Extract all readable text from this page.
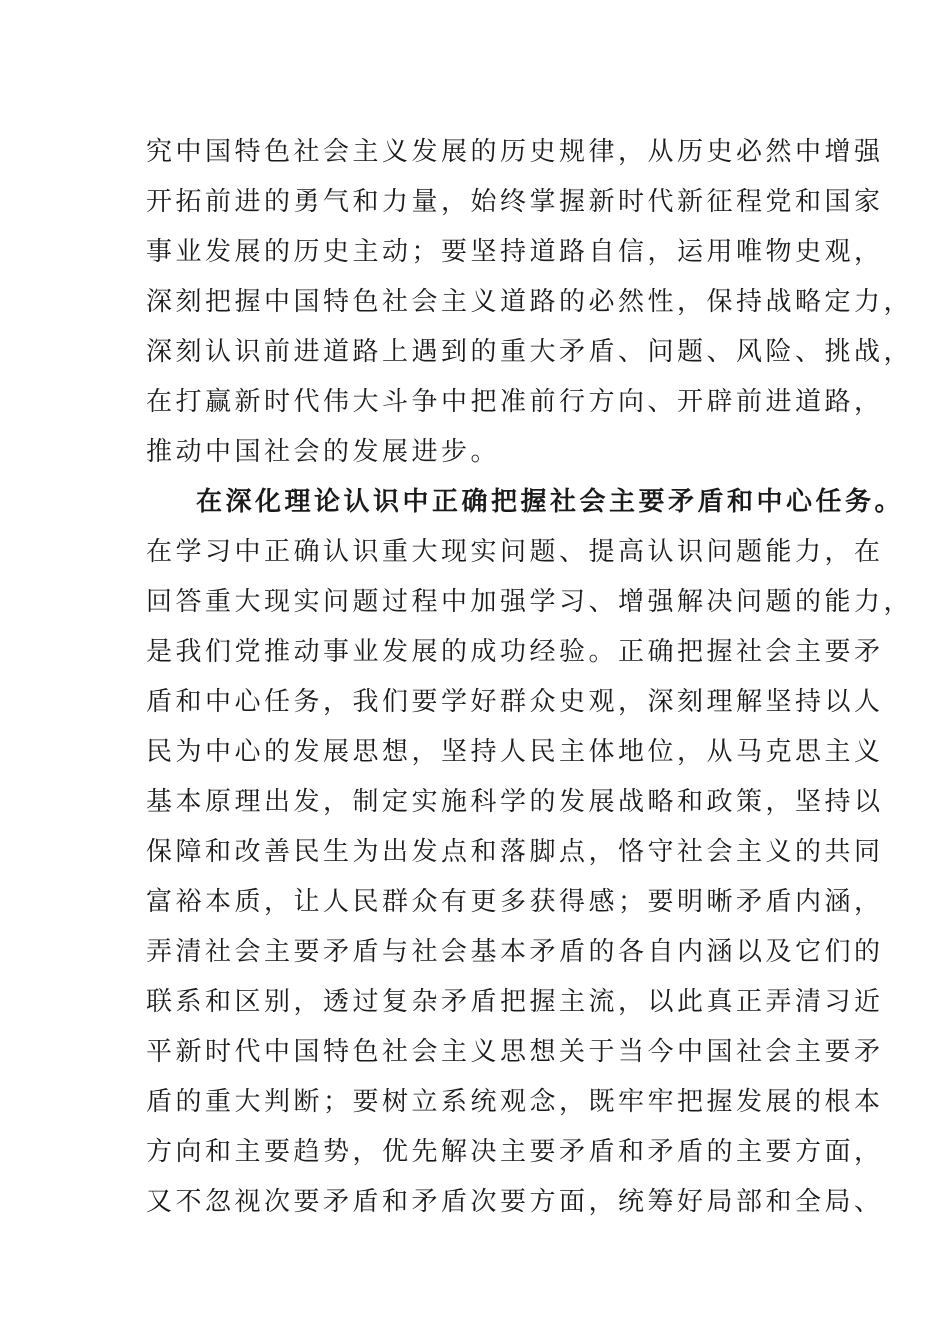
究中国特色社会主义发展的历史规律，从历史必然中增强
开拓前进的勇气和力量，始终掌握新时代新征程党和国家
事业发展的历史主动；要坚持道路自信，运用唯物史观，
深刻把握中国特色社会主义道路的必然性，保持战略定力，
深刻认识前进道路上遇到的重大矛盾、问题、风险、挑战，
在打赢新时代伟大斗争中把准前行方向、开辟前进道路，
推动中国社会的发展进步。
在深化理论认识中正确把握社会主要矛盾和中心任务。
在学习中正确认识重大现实问题、提高认识问题能力，在
回答重大现实问题过程中加强学习、增强解决问题的能力，
是我们党推动事业发展的成功经验。正确把握社会主要矛
盾和中心任务，我们要学好群众史观，深刻理解坚持以人
民为中心的发展思想，坚持人民主体地位，从马克思主义
基本原理出发，制定实施科学的发展战略和政策，坚持以
保障和改善民生为出发点和落脚点，恪守社会主义的共同
富裕本质，让人民群众有更多获得感；要明晰矛盾内涵，
弄清社会主要矛盾与社会基本矛盾的各自内涵以及它们的
联系和区别，透过复杂矛盾把握主流，以此真正弄清习近
平新时代中国特色社会主义思想关于当今中国社会主要矛
盾的重大判断；要树立系统观念，既牢牢把握发展的根本
方向和主要趋势，优先解决主要矛盾和矛盾的主要方面，
又不忽视次要矛盾和矛盾次要方面，统筹好局部和全局、
